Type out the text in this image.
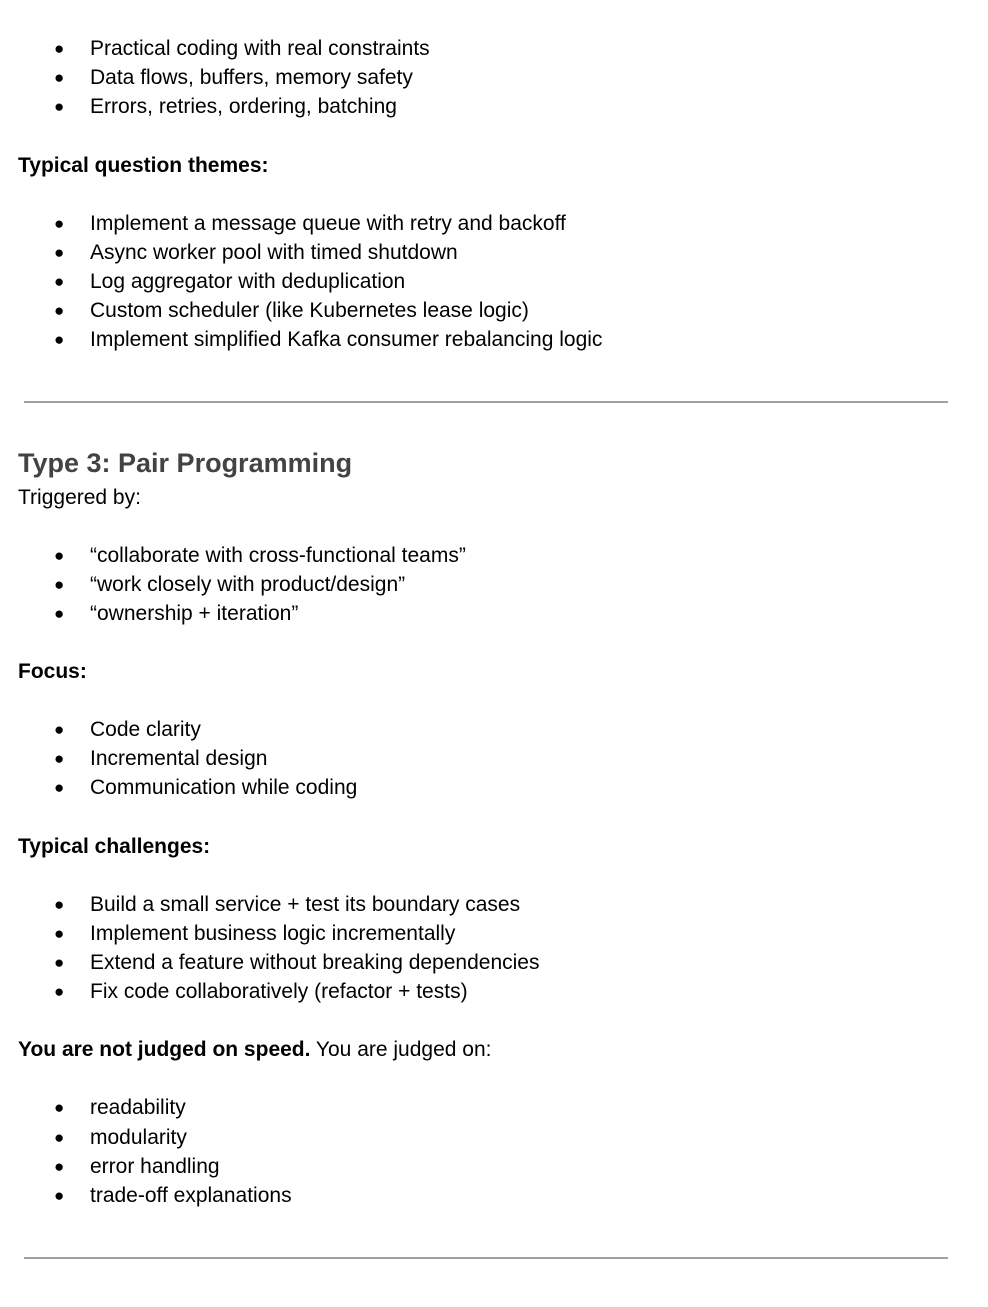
● Practical coding with real constraints
● Data flows, buffers, memory safety
● Errors, retries, ordering, batching
Typical question themes:
● Implement a message queue with retry and backoff
● Async worker pool with timed shutdown
● Log aggregator with deduplication
● Custom scheduler (like Kubernetes lease logic)
● Implement simplified Kafka consumer rebalancing logic
Type 3: Pair Programming
Triggered by:
● “collaborate with cross-functional teams”
● “work closely with product/design”
● “ownership + iteration”
Focus:
● Code clarity
● Incremental design
● Communication while coding
Typical challenges:
● Build a small service + test its boundary cases
● Implement business logic incrementally
● Extend a feature without breaking dependencies
● Fix code collaboratively (refactor + tests)
You are not judged on speed. You are judged on:
● readability
● modularity
● error handling
● trade-off explanations
